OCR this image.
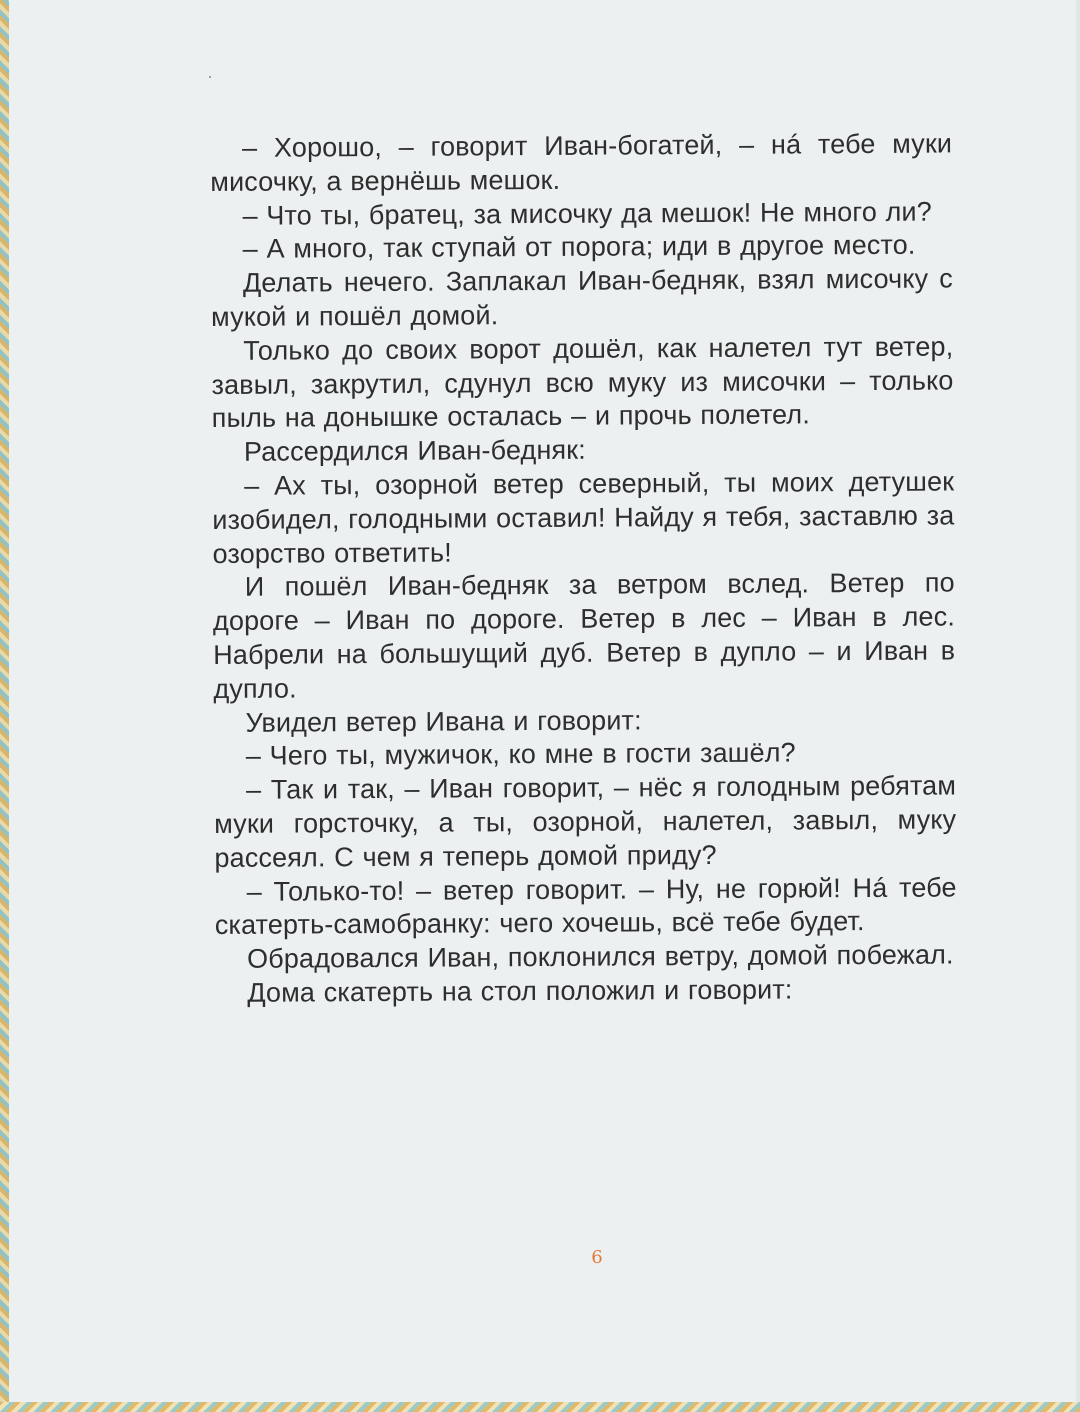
– Хорошо, – говорит Иван-богатей, – нá тебе муки мисочку, а вернёшь мешок.

– Что ты, братец, за мисочку да мешок! Не много ли?

– А много, так ступай от порога; иди в другое место.

Делать нечего. Заплакал Иван-бедняк, взял мисочку с мукой и пошёл домой.

Только до своих ворот дошёл, как налетел тут ветер, завыл, закрутил, сдунул всю муку из мисочки – только пыль на донышке осталась – и прочь полетел.

Рассердился Иван-бедняк:

– Ах ты, озорной ветер северный, ты моих детушек изобидел, голодными оставил! Найду я тебя, заставлю за озорство ответить!

И пошёл Иван-бедняк за ветром вслед. Ветер по дороге – Иван по дороге. Ветер в лес – Иван в лес. Набрели на большущий дуб. Ветер в дупло – и Иван в дупло.

Увидел ветер Ивана и говорит:

– Чего ты, мужичок, ко мне в гости зашёл?

– Так и так, – Иван говорит, – нёс я голодным ребятам муки горсточку, а ты, озорной, налетел, завыл, муку рассеял. С чем я теперь домой приду?

– Только-то! – ветер говорит. – Ну, не горюй! Нá тебе скатерть-самобранку: чего хочешь, всё тебе будет.

Обрадовался Иван, поклонился ветру, домой побежал.

Дома скатерть на стол положил и говорит:

6
